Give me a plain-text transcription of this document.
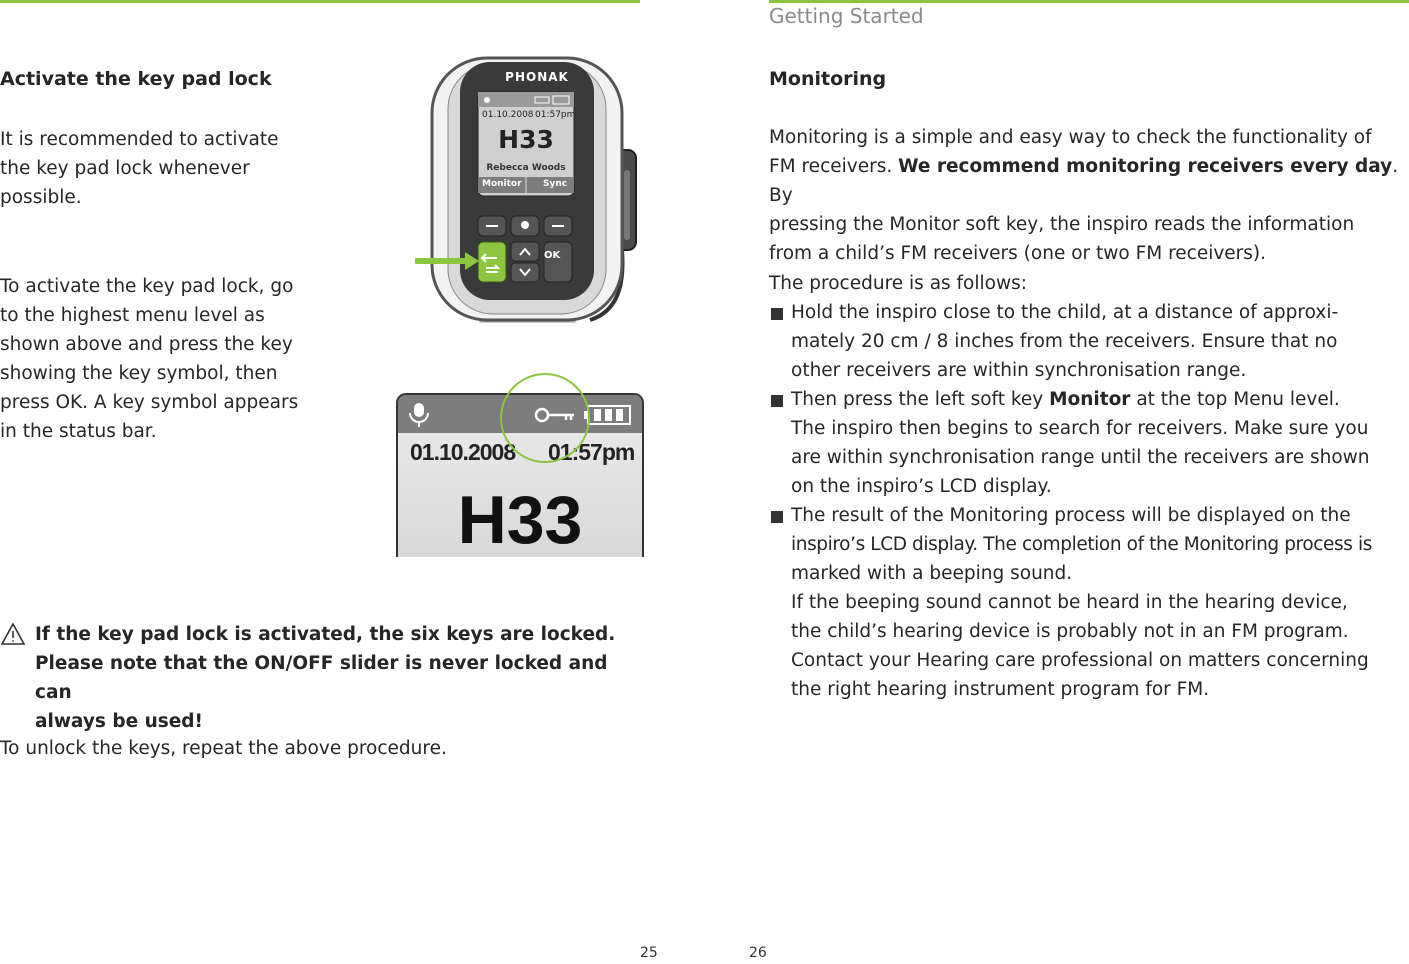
Activate the key pad lock
It is recommended to activate
the key pad lock whenever
possible.
To activate the key pad lock, go
to the highest menu level as
shown above and press the key
showing the key symbol, then
press OK. A key symbol appears
in the status bar.
PHONAK
01.10.2008 01:57pm
H33
Rebecca Woods
Monitor Sync
OK
01.10.2008 01:57pm
H33

If the key pad lock is activated, the six keys are locked.

Please note that the ON/OFF slider is never locked and can

always be used!

To unlock the keys, repeat the above procedure.
25
Getting Started
Monitoring
Monitoring is a simple and easy way to check the functionality of
FM receivers. We recommend monitoring receivers every day. By
pressing the Monitor soft key, the inspiro reads the information
from a child’s FM receivers (one or two FM receivers).
The procedure is as follows:
Hold the inspiro close to the child, at a distance of approxi-
mately 20 cm / 8 inches from the receivers. Ensure that no
other receivers are within synchronisation range.
Then press the left soft key Monitor at the top Menu level.
The inspiro then begins to search for receivers. Make sure you
are within synchronisation range until the receivers are shown
on the inspiro’s LCD display.
The result of the Monitoring process will be displayed on the
inspiro’s LCD display. The completion of the Monitoring process is
marked with a beeping sound.
If the beeping sound cannot be heard in the hearing device,
the child’s hearing device is probably not in an FM program.
Contact your Hearing care professional on matters concerning
the right hearing instrument program for FM.
26
